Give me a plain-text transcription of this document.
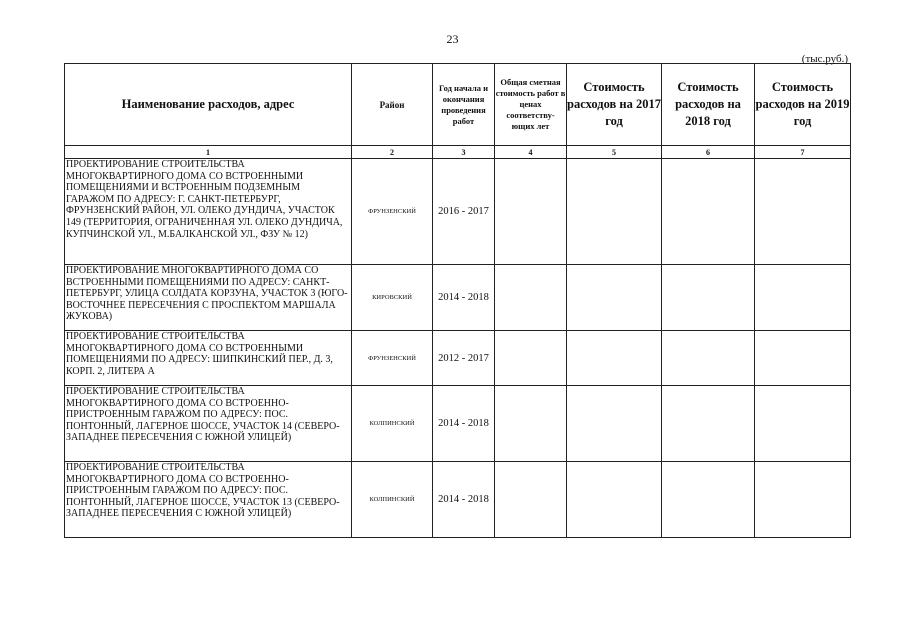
23
(тыс.руб.)
Наименование расходов, адрес	Район	Год начала и окончания проведения работ	Общая сметная стоимость работ в ценах соответству-ющих лет	Стоимость расходов на 2017 год	Стоимость расходов на 2018 год	Стоимость расходов на 2019 год
1	2	3	4	5	6	7
ПРОЕКТИРОВАНИЕ СТРОИТЕЛЬСТВА МНОГОКВАРТИРНОГО ДОМА СО ВСТРОЕННЫМИ ПОМЕЩЕНИЯМИ И ВСТРОЕННЫМ ПОДЗЕМНЫМ ГАРАЖОМ ПО АДРЕСУ: Г. САНКТ-ПЕТЕРБУРГ, ФРУНЗЕНСКИЙ РАЙОН, УЛ. ОЛЕКО ДУНДИЧА, УЧАСТОК 149 (ТЕРРИТОРИЯ, ОГРАНИЧЕННАЯ УЛ. ОЛЕКО ДУНДИЧА, КУПЧИНСКОЙ УЛ., М.БАЛКАНСКОЙ УЛ., ФЗУ № 12)	ФРУНЗЕНСКИЙ	2016 - 2017				
ПРОЕКТИРОВАНИЕ МНОГОКВАРТИРНОГО ДОМА СО ВСТРОЕННЫМИ ПОМЕЩЕНИЯМИ ПО АДРЕСУ: САНКТ-ПЕТЕРБУРГ, УЛИЦА СОЛДАТА КОРЗУНА, УЧАСТОК 3 (ЮГО-ВОСТОЧНЕЕ ПЕРЕСЕЧЕНИЯ С ПРОСПЕКТОМ МАРШАЛА ЖУКОВА)	КИРОВСКИЙ	2014 - 2018				
ПРОЕКТИРОВАНИЕ СТРОИТЕЛЬСТВА МНОГОКВАРТИРНОГО ДОМА СО ВСТРОЕННЫМИ ПОМЕЩЕНИЯМИ ПО АДРЕСУ: ШИПКИНСКИЙ ПЕР., Д. 3, КОРП. 2, ЛИТЕРА А	ФРУНЗЕНСКИЙ	2012 - 2017				
ПРОЕКТИРОВАНИЕ СТРОИТЕЛЬСТВА МНОГОКВАРТИРНОГО ДОМА СО ВСТРОЕННО-ПРИСТРОЕННЫМ ГАРАЖОМ ПО АДРЕСУ: ПОС. ПОНТОННЫЙ, ЛАГЕРНОЕ ШОССЕ, УЧАСТОК 14 (СЕВЕРО-ЗАПАДНЕЕ ПЕРЕСЕЧЕНИЯ С ЮЖНОЙ УЛИЦЕЙ)	КОЛПИНСКИЙ	2014 - 2018				
ПРОЕКТИРОВАНИЕ СТРОИТЕЛЬСТВА МНОГОКВАРТИРНОГО ДОМА СО ВСТРОЕННО-ПРИСТРОЕННЫМ ГАРАЖОМ ПО АДРЕСУ: ПОС. ПОНТОННЫЙ, ЛАГЕРНОЕ ШОССЕ, УЧАСТОК 13 (СЕВЕРО-ЗАПАДНЕЕ ПЕРЕСЕЧЕНИЯ С ЮЖНОЙ УЛИЦЕЙ)	КОЛПИНСКИЙ	2014 - 2018				
